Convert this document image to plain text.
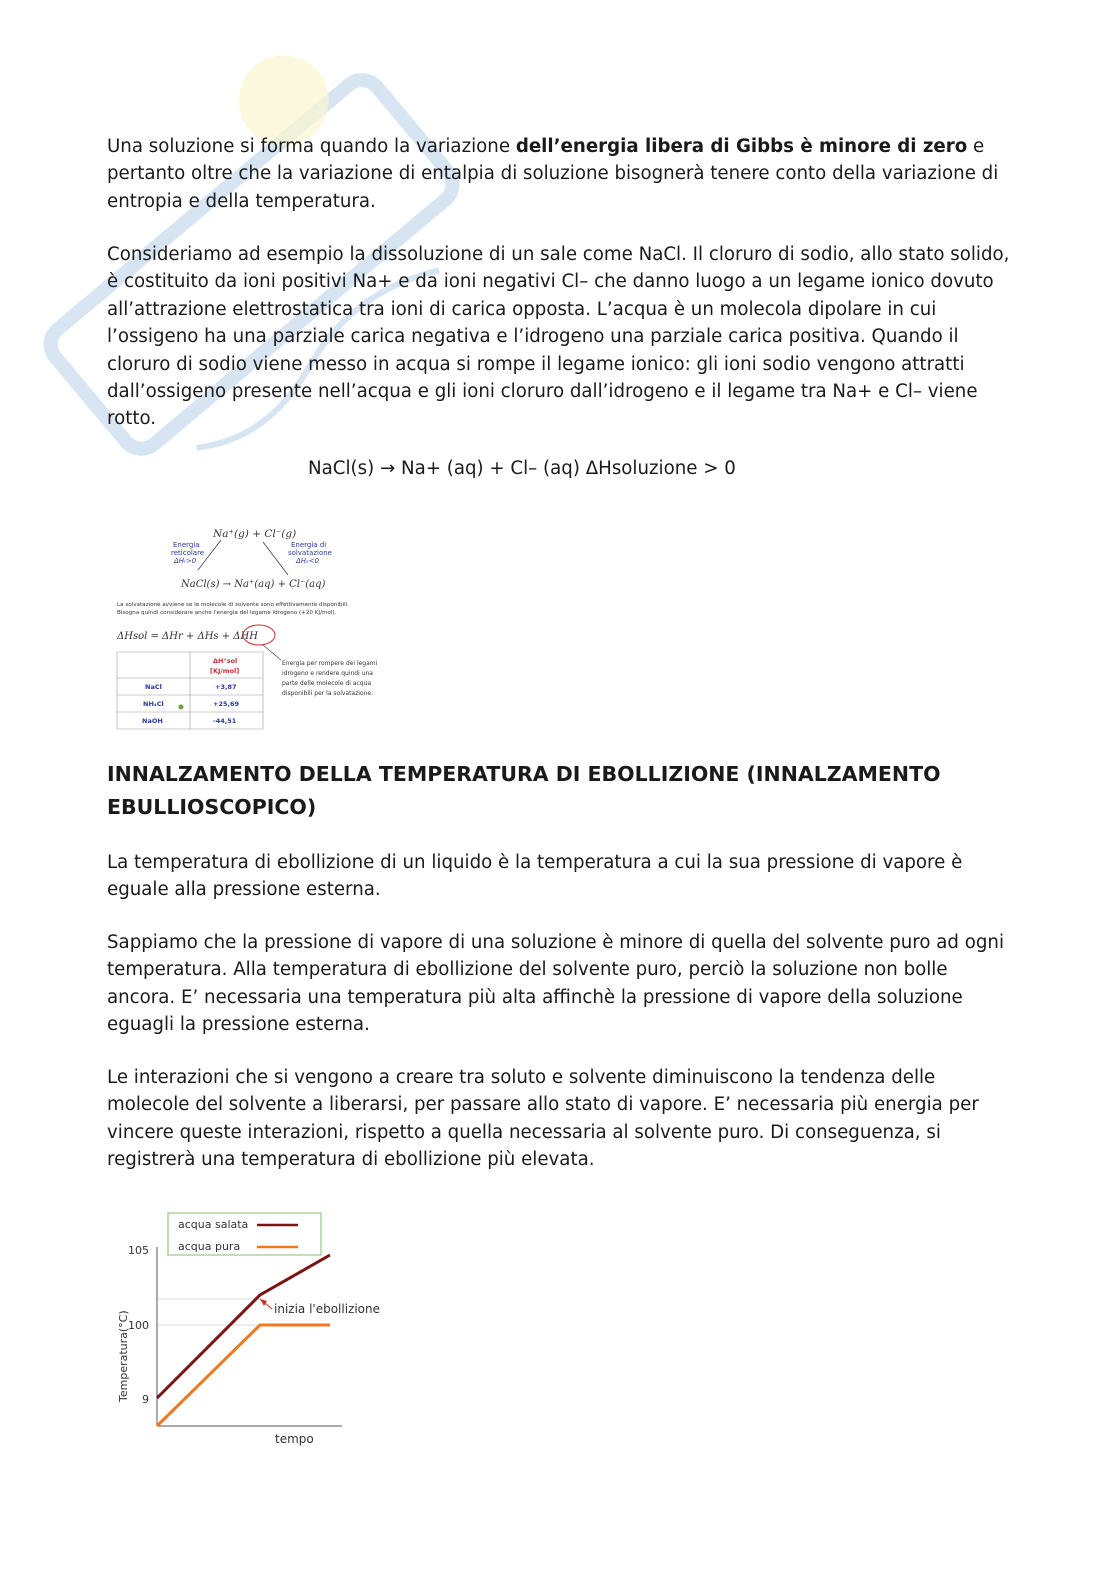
Una soluzione si forma quando la variazione dell’energia libera di Gibbs è minore di zero e pertanto oltre che la variazione di entalpia di soluzione bisognerà tenere conto della variazione di entropia e della temperatura.
Consideriamo ad esempio la dissoluzione di un sale come NaCl. Il cloruro di sodio, allo stato solido, è costituito da ioni positivi Na+ e da ioni negativi Cl– che danno luogo a un legame ionico dovuto all’attrazione elettrostatica tra ioni di carica opposta. L’acqua è un molecola dipolare in cui l’ossigeno ha una parziale carica negativa e l’idrogeno una parziale carica positiva. Quando il cloruro di sodio viene messo in acqua si rompe il legame ionico: gli ioni sodio vengono attratti dall’ossigeno presente nell’acqua e gli ioni cloruro dall’idrogeno e il legame tra Na+ e Cl– viene rotto.
NaCl(s) → Na+ (aq) + Cl– (aq) ΔHsoluzione > 0
Na⁺(g) + Cl⁻(g)
Energia
reticolare
ΔHᵣ>0
Energia di
solvatazione
ΔHₛ<0
NaCl(s) → Na⁺(aq) + Cl⁻(aq)
La solvatazione avviene se le molecole di solvente sono effettivamente disponibili.
Bisogna quindi considerare anche l'energia del legame idrogeno (+20 KJ/mol).
ΔHsol = ΔHr + ΔHs + ΔHH
Energia per rompere dei legami
idrogeno e rendere quindi una
parte delle molecole di acqua
disponibili per la solvatazione.
ΔH°sol
[KJ/mol]
NaCl	+3,87
NH₄Cl	+25,69
NaOH	-44,51
INNALZAMENTO DELLA TEMPERATURA DI EBOLLIZIONE (INNALZAMENTO EBULLIOSCOPICO)
La temperatura di ebollizione di un liquido è la temperatura a cui la sua pressione di vapore è eguale alla pressione esterna.
Sappiamo che la pressione di vapore di una soluzione è minore di quella del solvente puro ad ogni temperatura. Alla temperatura di ebollizione del solvente puro, perciò la soluzione non bolle ancora. E’ necessaria una temperatura più alta affinchè la pressione di vapore della soluzione eguagli la pressione esterna.
Le interazioni che si vengono a creare tra soluto e solvente diminuiscono la tendenza delle molecole del solvente a liberarsi, per passare allo stato di vapore. E’ necessaria più energia per vincere queste interazioni, rispetto a quella necessaria al solvente puro. Di conseguenza, si registrerà una temperatura di ebollizione più elevata.
acqua salata
acqua pura
105
100
9
inizia l'ebollizione
Temperatura(°C)
tempo
